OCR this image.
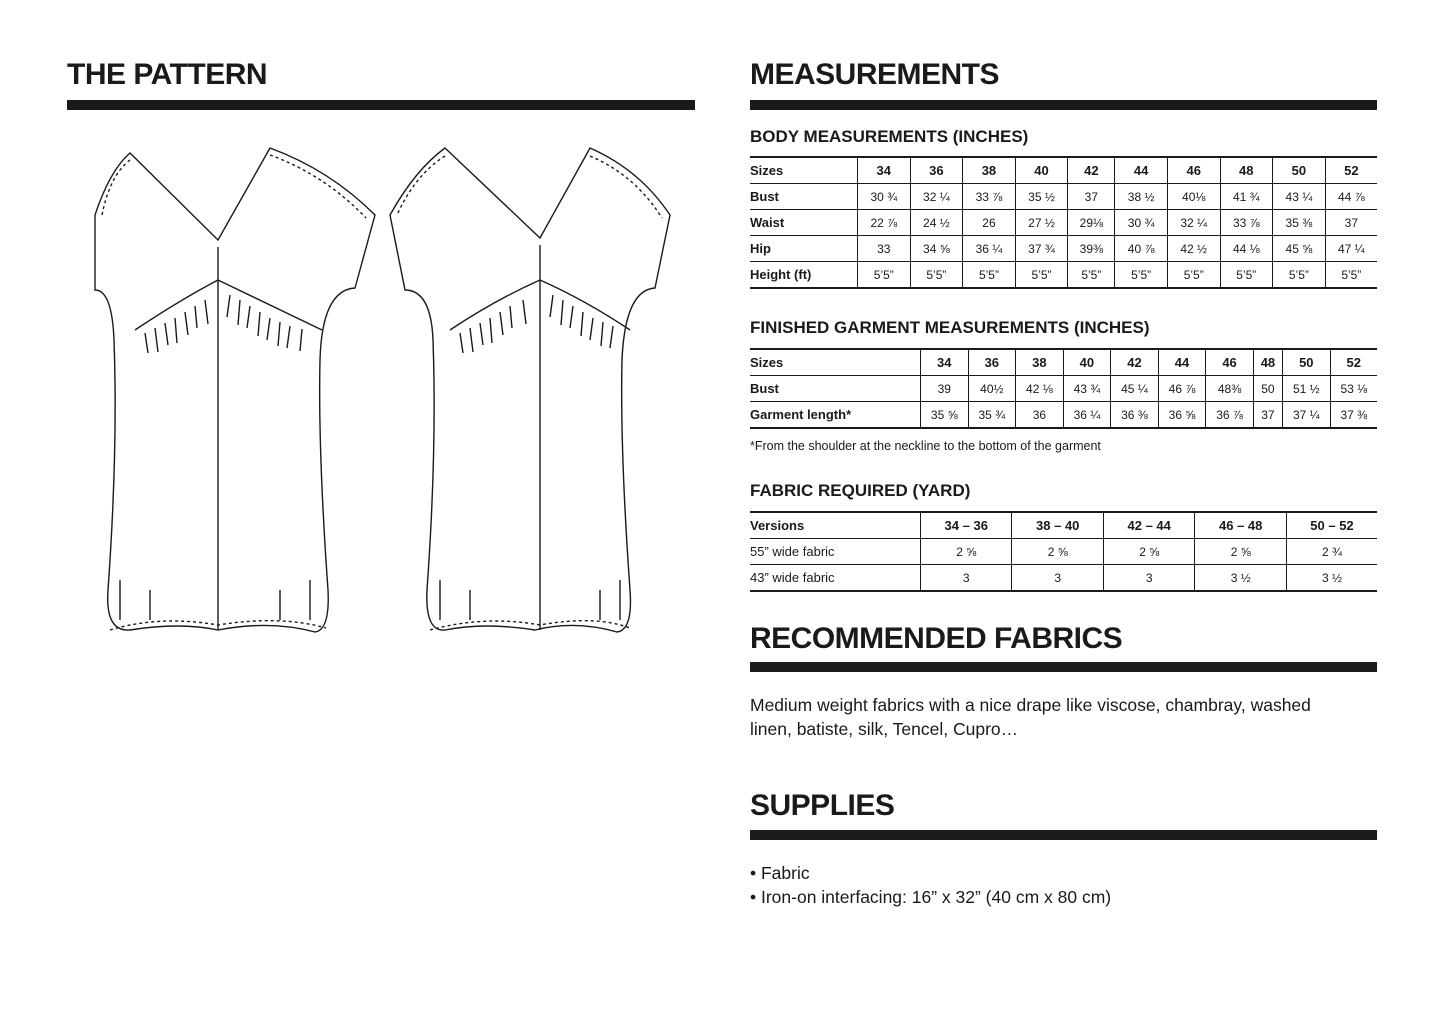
THE PATTERN	MEASUREMENTS
BODY MEASUREMENTS (INCHES)
Sizes	34	36	38	40	42	44	46	48	50	52
Bust	30 ¾	32 ¼	33 ⅞	35 ½	37	38 ½	40⅛	41 ¾	43 ¼	44 ⅞
Waist	22 ⅞	24 ½	26	27 ½	29⅛	30 ¾	32 ¼	33 ⅞	35 ⅜	37
Hip	33	34 ⅝	36 ¼	37 ¾	39⅜	40 ⅞	42 ½	44 ⅛	45 ⅝	47 ¼
Height (ft)	5’5”	5’5”	5’5”	5’5”	5’5”	5’5”	5’5”	5’5”	5’5”	5’5”
FINISHED GARMENT MEASUREMENTS (INCHES)
Sizes	34	36	38	40	42	44	46	48	50	52
Bust	39	40½	42 ⅛	43 ¾	45 ¼	46 ⅞	48⅜	50	51 ½	53 ⅛
Garment length*	35 ⅝	35 ¾	36	36 ¼	36 ⅜	36 ⅝	36 ⅞	37	37 ¼	37 ⅜
*From the shoulder at the neckline to the bottom of the garment
FABRIC REQUIRED (YARD)
Versions	34 – 36	38 – 40	42 – 44	46 – 48	50 – 52
55” wide fabric	2 ⅝	2 ⅝	2 ⅝	2 ⅝	2 ¾
43” wide fabric	3	3	3	3 ½	3 ½
RECOMMENDED FABRICS
Medium weight fabrics with a nice drape like viscose, chambray, washed
linen, batiste, silk, Tencel, Cupro…
SUPPLIES
• Fabric
• Iron-on interfacing: 16” x 32” (40 cm x 80 cm)
